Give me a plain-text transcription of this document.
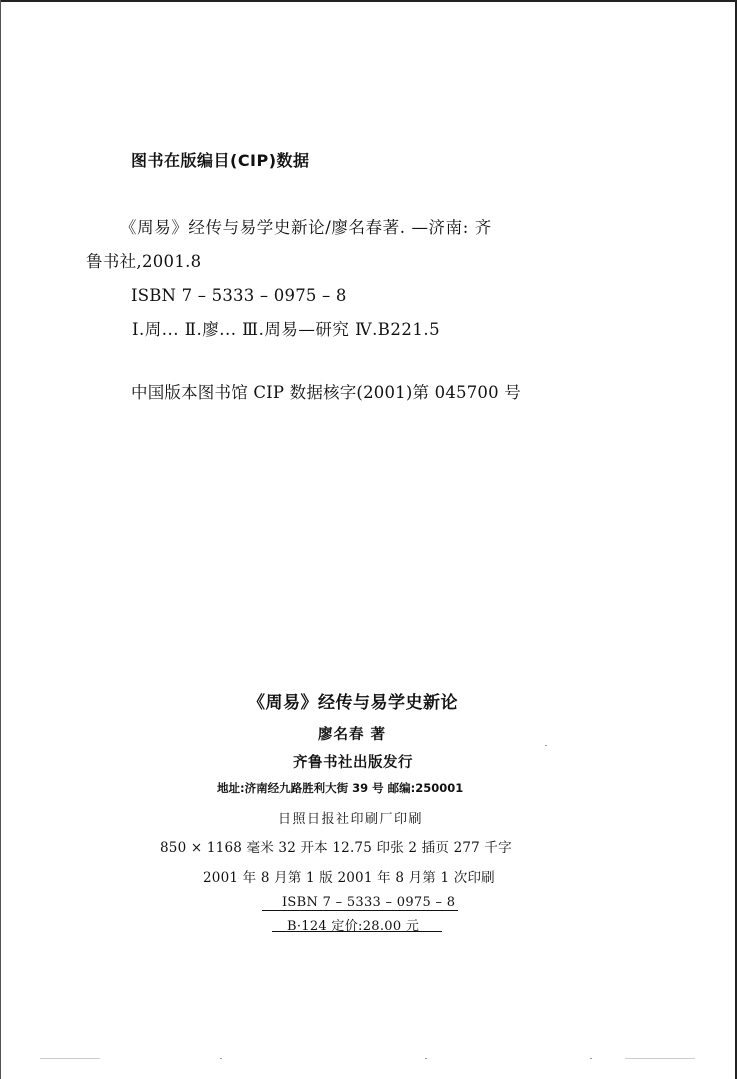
图书在版编目(CIP)数据
《周易》经传与易学史新论/廖名春著. —济南: 齐
鲁书社,2001.8
ISBN 7 – 5333 – 0975 – 8
Ⅰ.周... Ⅱ.廖... Ⅲ.周易—研究 Ⅳ.B221.5
中国版本图书馆 CIP 数据核字(2001)第 045700 号
《周易》经传与易学史新论
廖名春 著
齐鲁书社出版发行
地址:济南经九路胜利大街 39 号 邮编:250001
日照日报社印刷厂印刷
850 × 1168 毫米 32 开本 12.75 印张 2 插页 277 千字
2001 年 8 月第 1 版 2001 年 8 月第 1 次印刷
ISBN 7 – 5333 – 0975 – 8
B·124 定价:28.00 元
